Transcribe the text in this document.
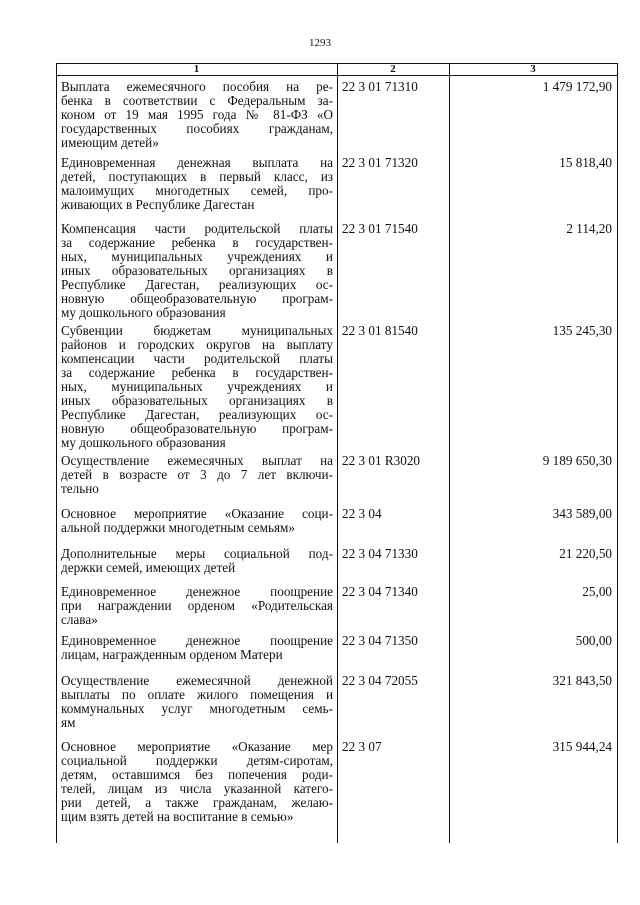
1293
1	2	3
Выплата ежемесячного пособия на ре-
бенка в соответствии с Федеральным за-
коном от 19 мая 1995 года № 81-ФЗ «О
государственных пособиях гражданам,
имеющим детей»
22 3 01 71310	1 479 172,90
Единовременная денежная выплата на
детей, поступающих в первый класс, из
малоимущих многодетных семей, про-
живающих в Республике Дагестан
22 3 01 71320	15 818,40
Компенсация части родительской платы
за содержание ребенка в государствен-
ных, муниципальных учреждениях и
иных образовательных организациях в
Республике Дагестан, реализующих ос-
новную общеобразовательную програм-
му дошкольного образования
22 3 01 71540	2 114,20
Субвенции бюджетам муниципальных
районов и городских округов на выплату
компенсации части родительской платы
за содержание ребенка в государствен-
ных, муниципальных учреждениях и
иных образовательных организациях в
Республике Дагестан, реализующих ос-
новную общеобразовательную програм-
му дошкольного образования
22 3 01 81540	135 245,30
Осуществление ежемесячных выплат на
детей в возрасте от 3 до 7 лет включи-
тельно
22 3 01 R3020	9 189 650,30
Основное мероприятие «Оказание соци-
альной поддержки многодетным семьям»
22 3 04	343 589,00
Дополнительные меры социальной под-
держки семей, имеющих детей
22 3 04 71330	21 220,50
Единовременное денежное поощрение
при награждении орденом «Родительская
слава»
22 3 04 71340	25,00
Единовременное денежное поощрение
лицам, награжденным орденом Матери
22 3 04 71350	500,00
Осуществление ежемесячной денежной
выплаты по оплате жилого помещения и
коммунальных услуг многодетным семь-
ям
22 3 04 72055	321 843,50
Основное мероприятие «Оказание мер
социальной поддержки детям-сиротам,
детям, оставшимся без попечения роди-
телей, лицам из числа указанной катего-
рии детей, а также гражданам, желаю-
щим взять детей на воспитание в семью»
22 3 07	315 944,24
